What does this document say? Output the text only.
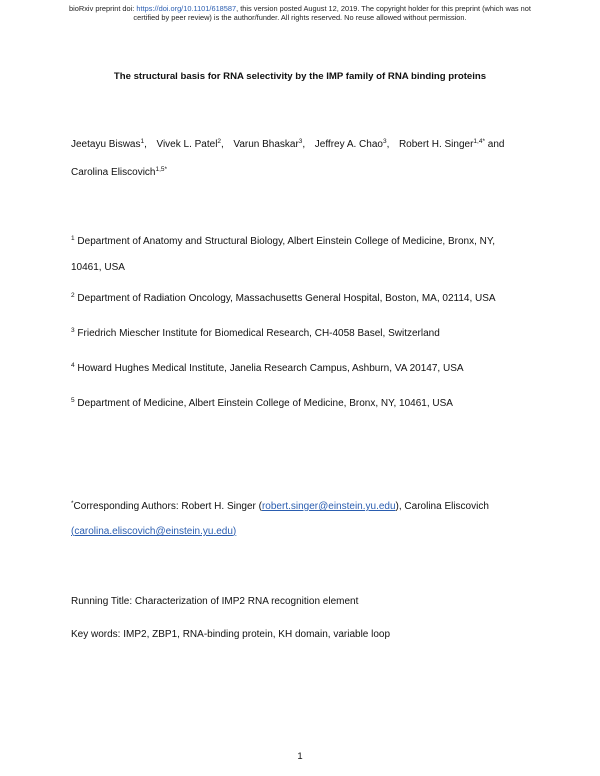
bioRxiv preprint doi: https://doi.org/10.1101/618587, this version posted August 12, 2019. The copyright holder for this preprint (which was not
certified by peer review) is the author/funder. All rights reserved. No reuse allowed without permission.
The structural basis for RNA selectivity by the IMP family of RNA binding proteins
Jeetayu Biswas$^1$,  Vivek L. Patel$^2$,  Varun Bhaskar$^3$,  Jeffrey A. Chao$^3$,  Robert H. Singer$^{1,4*}$ and
Carolina Eliscovich$^{1,5*}$
$^1$ Department of Anatomy and Structural Biology, Albert Einstein College of Medicine, Bronx, NY,
10461, USA
$^2$ Department of Radiation Oncology, Massachusetts General Hospital, Boston, MA, 02114, USA
$^3$ Friedrich Miescher Institute for Biomedical Research, CH-4058 Basel, Switzerland
$^4$ Howard Hughes Medical Institute, Janelia Research Campus, Ashburn, VA 20147, USA
$^5$ Department of Medicine, Albert Einstein College of Medicine, Bronx, NY, 10461, USA
*Corresponding Authors: Robert H. Singer (robert.singer@einstein.yu.edu), Carolina Eliscovich
(carolina.eliscovich@einstein.yu.edu)
Running Title: Characterization of IMP2 RNA recognition element
Key words: IMP2, ZBP1, RNA-binding protein, KH domain, variable loop
1
